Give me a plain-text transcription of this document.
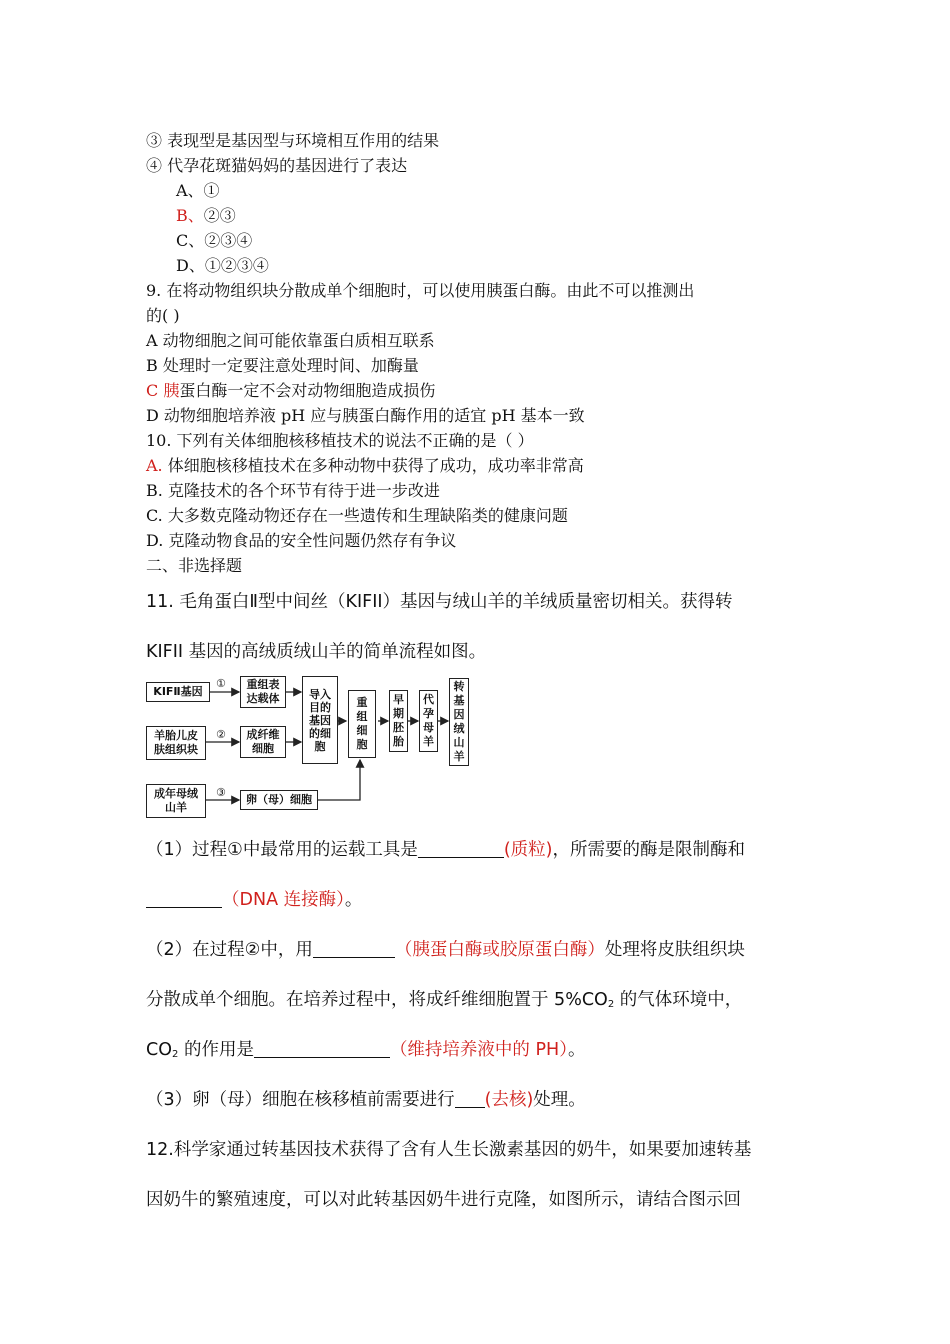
③ 表现型是基因型与环境相互作用的结果
④ 代孕花斑猫妈妈的基因进行了表达
A、①
B、②③
C、②③④
D、①②③④
9. 在将动物组织块分散成单个细胞时，可以使用胰蛋白酶。由此不可以推测出
的( )
A 动物细胞之间可能依靠蛋白质相互联系
B 处理时一定要注意处理时间、加酶量
C 胰蛋白酶一定不会对动物细胞造成损伤
D 动物细胞培养液 pH 应与胰蛋白酶作用的适宜 pH 基本一致
10. 下列有关体细胞核移植技术的说法不正确的是（ ）
A. 体细胞核移植技术在多种动物中获得了成功，成功率非常高
B. 克隆技术的各个环节有待于进一步改进
C. 大多数克隆动物还存在一些遗传和生理缺陷类的健康问题
D. 克隆动物食品的安全性问题仍然存有争议
二、非选择题
11. 毛角蛋白Ⅱ型中间丝（KIFII）基因与绒山羊的羊绒质量密切相关。获得转
KIFII 基因的高绒质绒山羊的简单流程如图。
KIFⅡ基因
① 重组表
达载体
羊胎儿皮
肤组织块
② 成纤维
细胞
导入
目的
基因
的细
胞
重
组
细
胞
早
期
胚
胎
代
孕
母
羊
转
基
因
绒
山
羊
成年母绒
山羊
③
卵（母）细胞
（1）过程①中最常用的运载工具是	(质粒)，所需要的酶是限制酶和
（DNA 连接酶）。
（2）在过程②中，用	（胰蛋白酶或胶原蛋白酶）处理将皮肤组织块
分散成单个细胞。在培养过程中，将成纤维细胞置于 $5\%CO_2$ 的气体环境中，
$CO_2$ 的作用是	（维持培养液中的 PH）。
（3）卵（母）细胞在核移植前需要进行 (去核)处理。
12.科学家通过转基因技术获得了含有人生长激素基因的奶牛，如果要加速转基
因奶牛的繁殖速度，可以对此转基因奶牛进行克隆，如图所示，请结合图示回
